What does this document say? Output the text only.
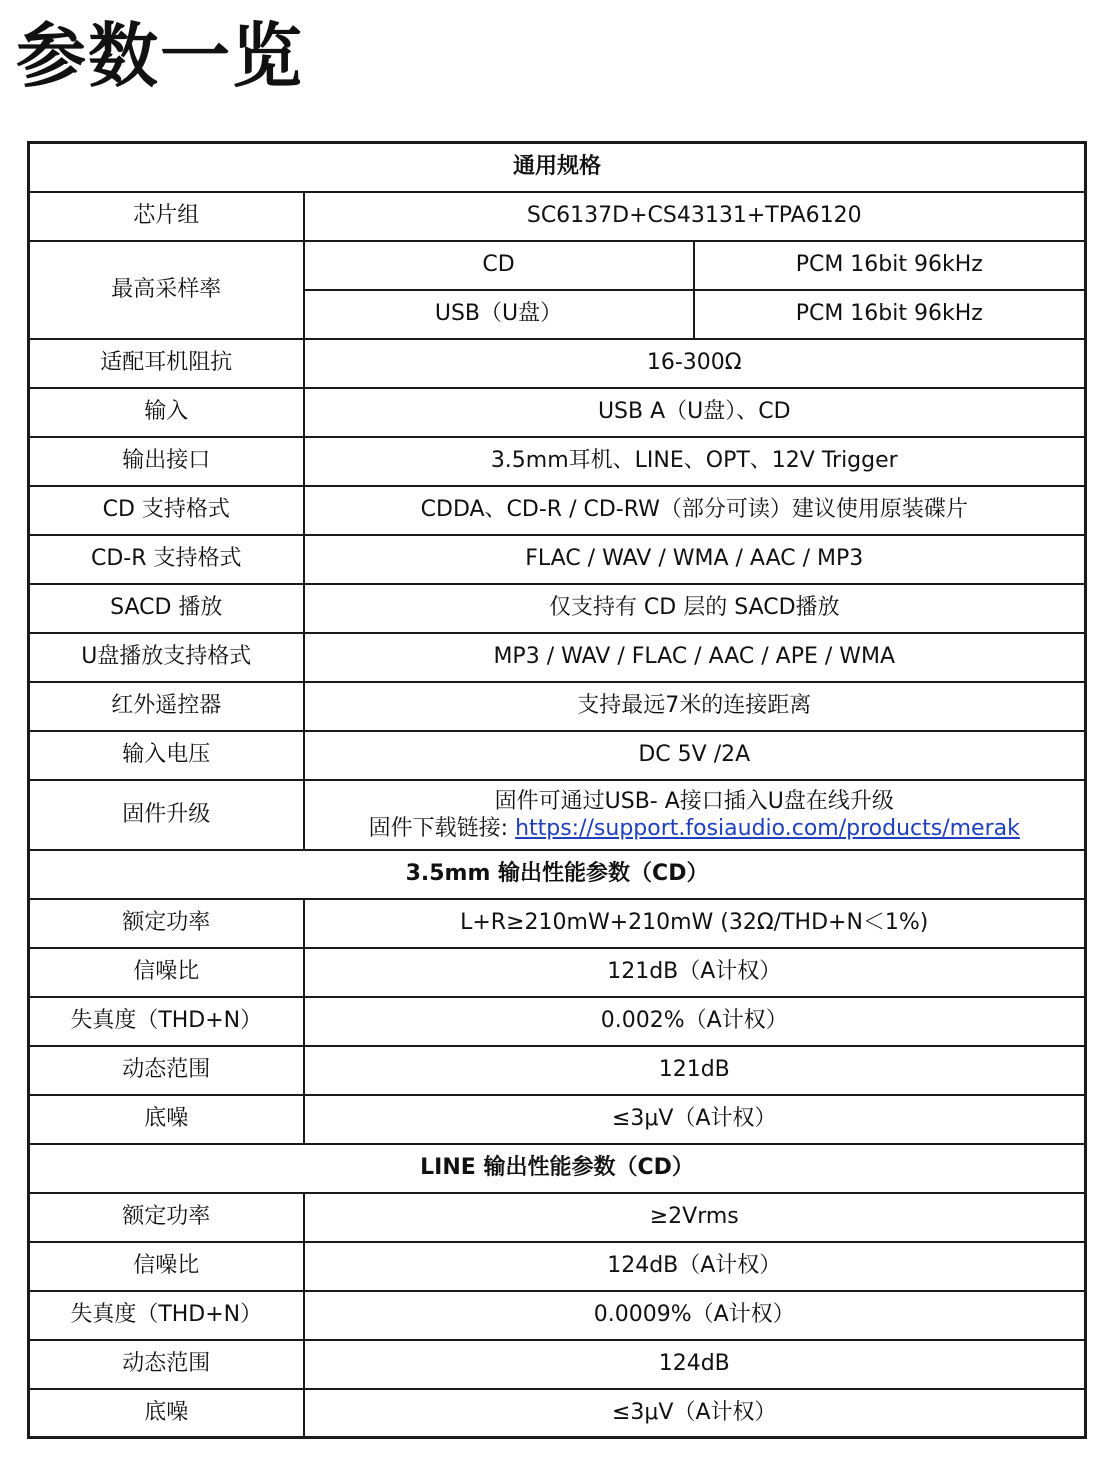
参数一览
通用规格		
芯片组	SC6137D+CS43131+TPA6120	
最高采样率	CD	PCM 16bit 96kHz
	USB（U盘）	PCM 16bit 96kHz
适配耳机阻抗	16-300Ω	
输入	USB A（U盘）、CD	
输出接口	3.5mm耳机、LINE、OPT、12V Trigger	
CD 支持格式	CDDA、CD-R / CD-RW（部分可读）建议使用原装碟片	
CD-R 支持格式	FLAC / WAV / WMA / AAC / MP3	
SACD 播放	仅支持有 CD 层的 SACD播放	
U盘播放支持格式	MP3 / WAV / FLAC / AAC / APE / WMA	
红外遥控器	支持最远7米的连接距离	
输入电压	DC 5V /2A	
固件升级	固件可通过USB- A接口插入U盘在线升级
固件下载链接: https://support.fosiaudio.com/products/merak	

3.5mm 输出性能参数（CD）		
额定功率	L+R≥210mW+210mW (32Ω/THD+N＜1%)	
信噪比	121dB（A计权）	
失真度（THD+N）	0.002%（A计权）	
动态范围	121dB	
底噪	≤3μV（A计权）	
LINE 输出性能参数（CD）		
额定功率	≥2Vrms	
信噪比	124dB（A计权）	
失真度（THD+N）	0.0009%（A计权）	
动态范围	124dB	
底噪	≤3μV（A计权）	
